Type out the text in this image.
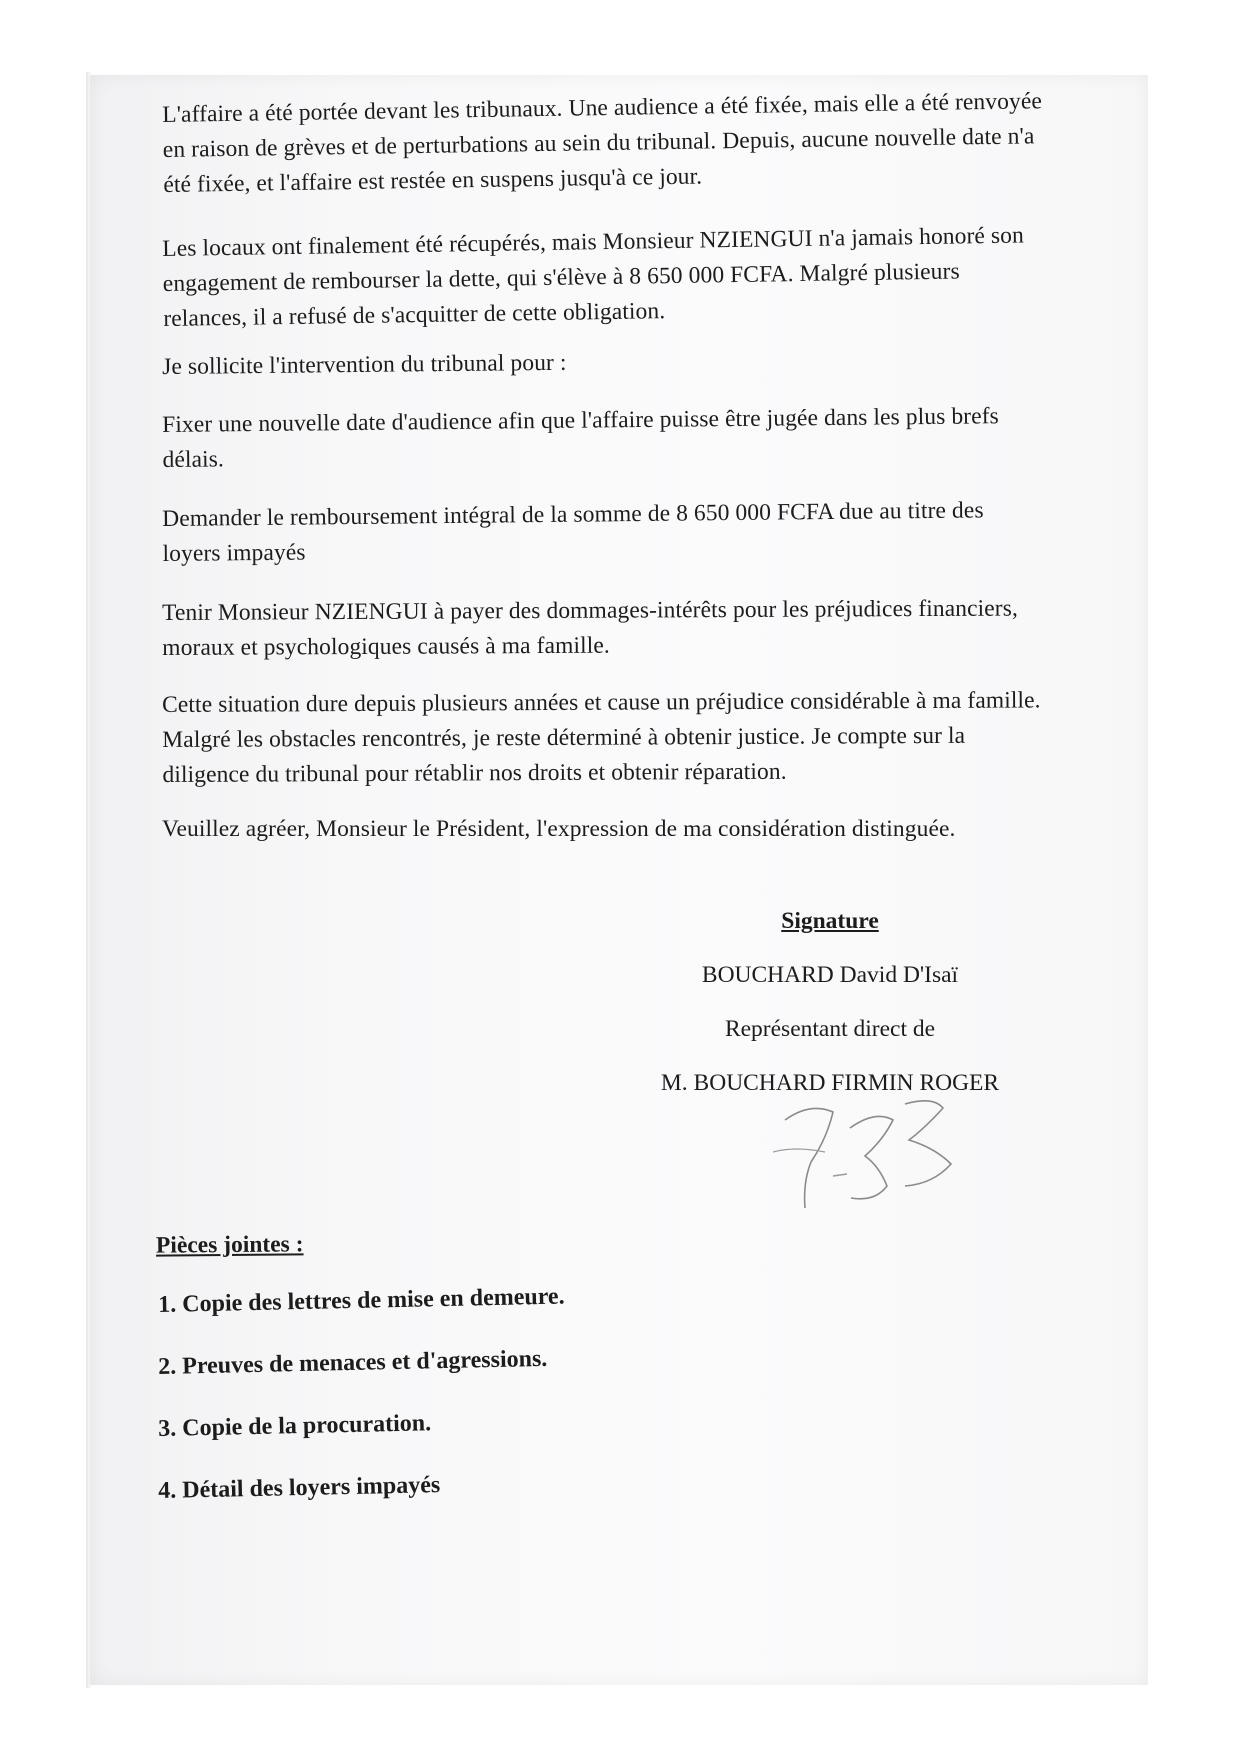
L'affaire a été portée devant les tribunaux. Une audience a été fixée, mais elle a été renvoyée en raison de grèves et de perturbations au sein du tribunal. Depuis, aucune nouvelle date n'a été fixée, et l'affaire est restée en suspens jusqu'à ce jour.

Les locaux ont finalement été récupérés, mais Monsieur NZIENGUI n'a jamais honoré son engagement de rembourser la dette, qui s'élève à 8 650 000 FCFA. Malgré plusieurs relances, il a refusé de s'acquitter de cette obligation.

Je sollicite l'intervention du tribunal pour :

Fixer une nouvelle date d'audience afin que l'affaire puisse être jugée dans les plus brefs délais.

Demander le remboursement intégral de la somme de 8 650 000 FCFA due au titre des loyers impayés

Tenir Monsieur NZIENGUI à payer des dommages-intérêts pour les préjudices financiers, moraux et psychologiques causés à ma famille.

Cette situation dure depuis plusieurs années et cause un préjudice considérable à ma famille. Malgré les obstacles rencontrés, je reste déterminé à obtenir justice. Je compte sur la diligence du tribunal pour rétablir nos droits et obtenir réparation.

Veuillez agréer, Monsieur le Président, l'expression de ma considération distinguée.

Signature
BOUCHARD David D'Isaï
Représentant direct de
M. BOUCHARD FIRMIN ROGER
Pièces jointes :
1. Copie des lettres de mise en demeure.
2. Preuves de menaces et d'agressions.
3. Copie de la procuration.
4. Détail des loyers impayés
